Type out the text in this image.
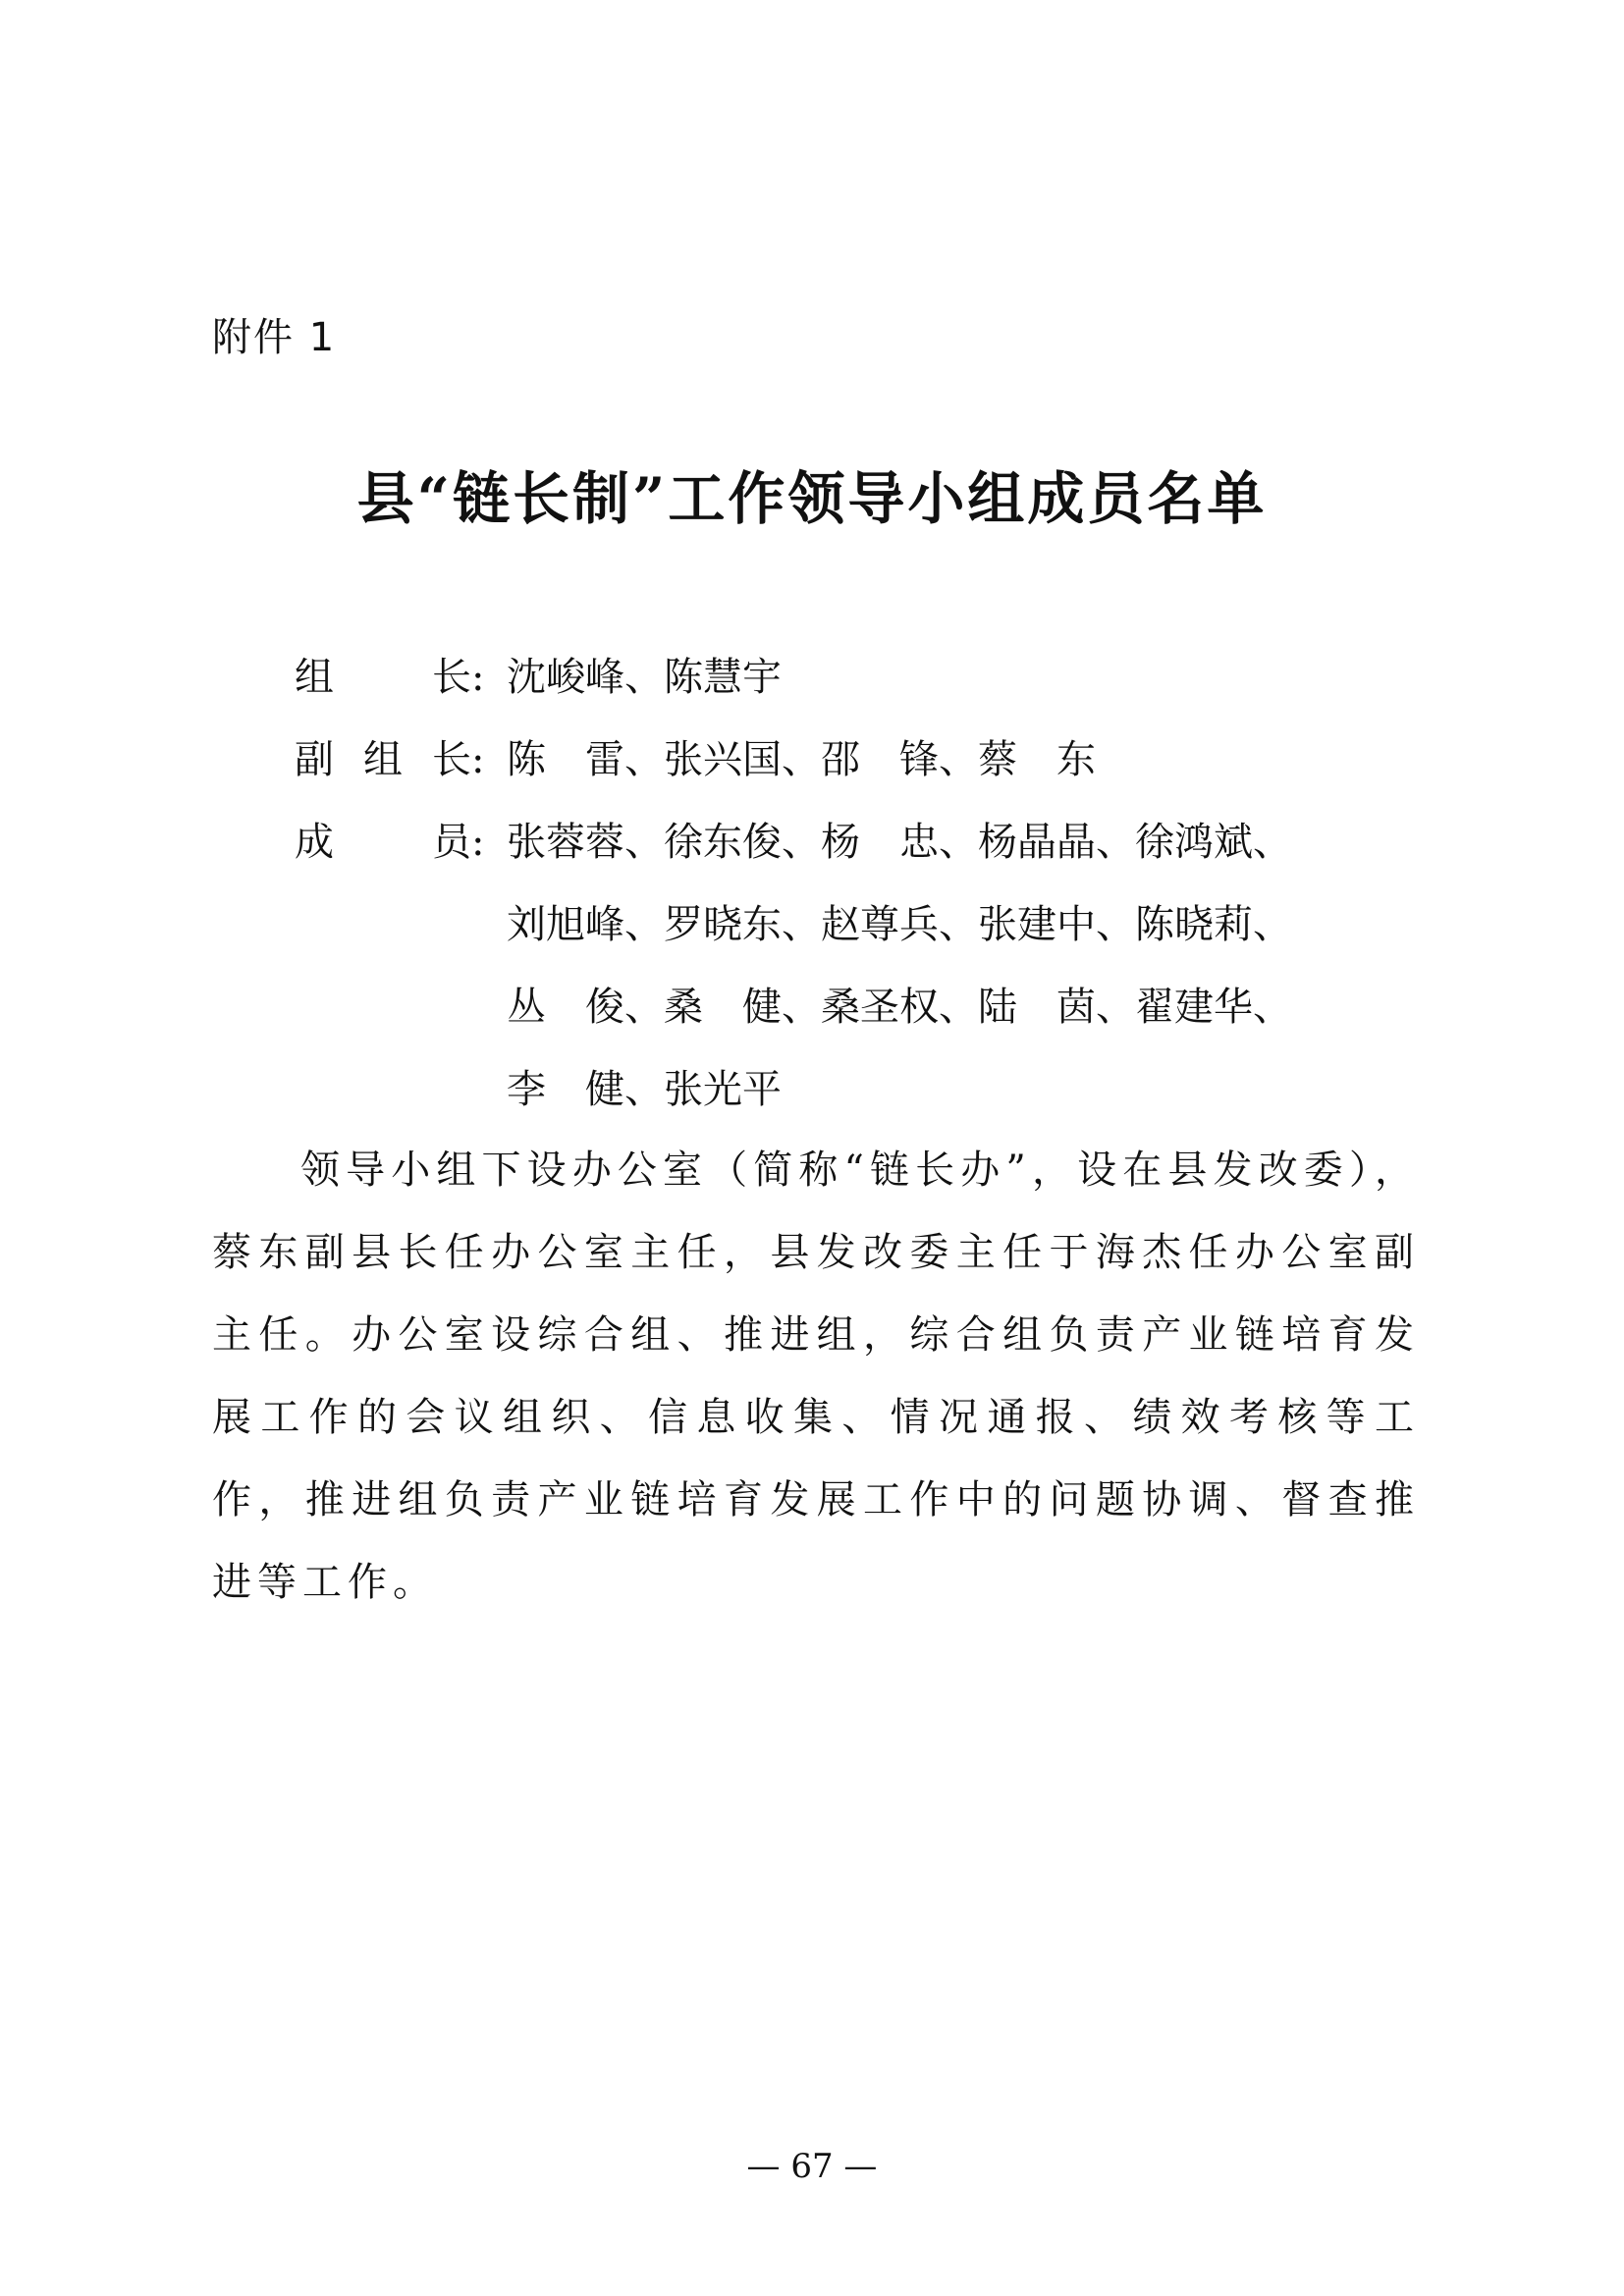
附件 1
县“链长制”工作领导小组成员名单
组 长 : 沈峻峰、陈慧宇
副组长 : 陈　雷、张兴国、邵　锋、蔡　东
成 员 : 张蓉蓉、徐东俊、杨　忠、杨晶晶、徐鸿斌、
刘旭峰、罗晓东、赵尊兵、张建中、陈晓莉、
丛　俊、桑　健、桑圣权、陆　茵、翟建华、
李　健、张光平

领导小组下设办公室（简称“链长办”，设在县发改委），蔡东副县长任办公室主任，县发改委主任于海杰任办公室副主任。办公室设综合组、推进组，综合组负责产业链培育发展工作的会议组织、信息收集、情况通报、绩效考核等工作，推进组负责产业链培育发展工作中的问题协调、督查推进等工作。

— 67 —
